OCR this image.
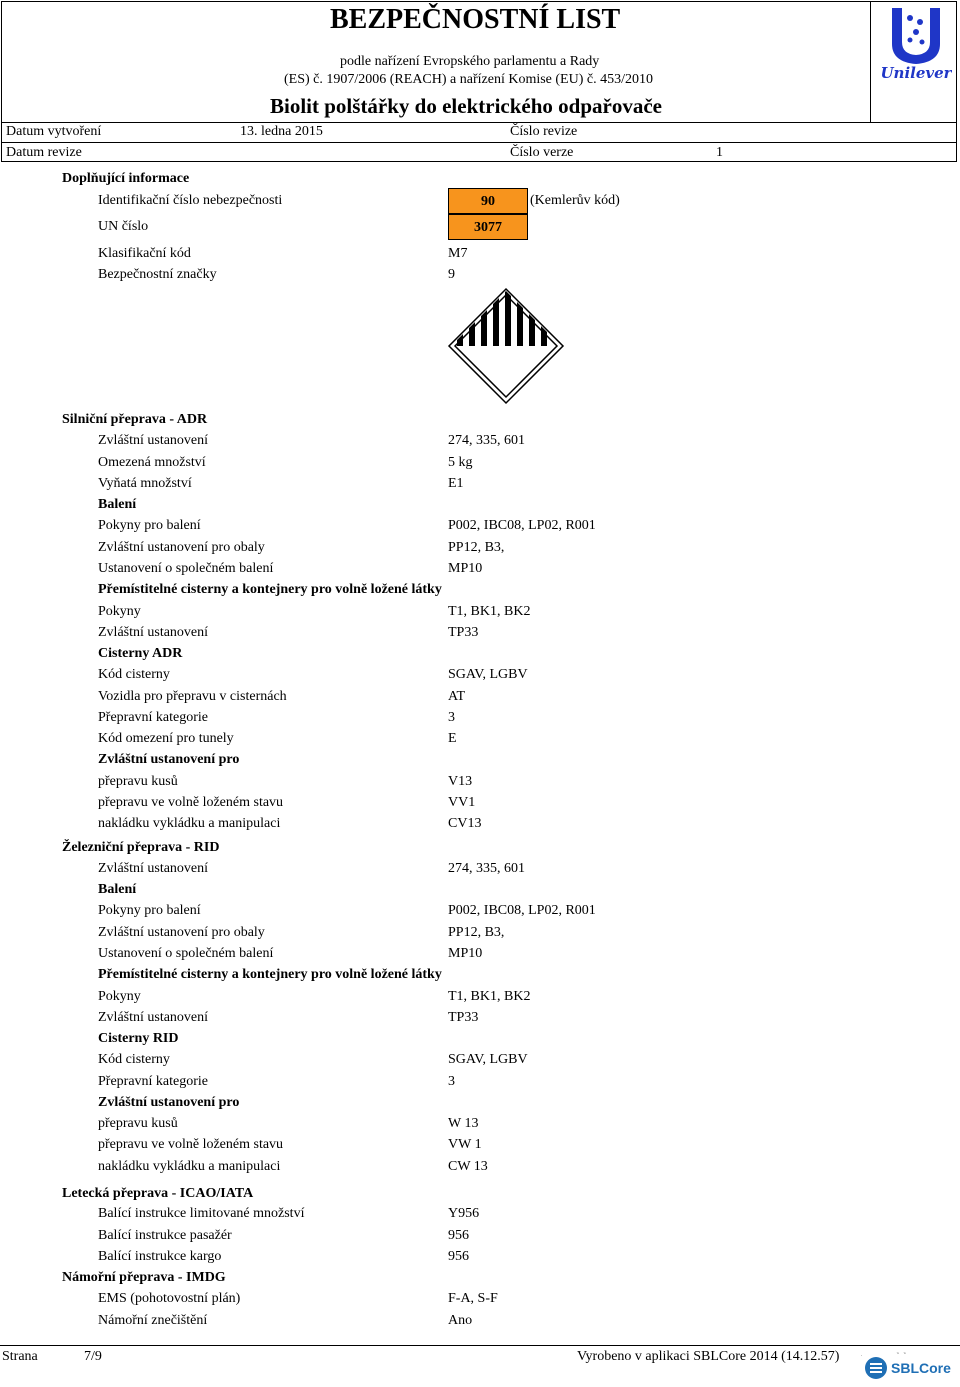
BEZPEČNOSTNÍ LIST
podle nařízení Evropského parlamentu a Rady
(ES) č. 1907/2006 (REACH) a nařízení Komise (EU) č. 453/2010
Biolit polštářky do elektrického odpařovače
Unilever
Datum vytvoření	13. ledna 2015	Číslo revize
Datum revize	Číslo verze	1
Doplňující informace
Identifikační číslo nebezpečnosti	90	(Kemlerův kód)
UN číslo	3077
Klasifikační kód	M7
Bezpečnostní značky	9
Silniční přeprava - ADR
Zvláštní ustanovení	274, 335, 601
Omezená množství	5 kg
Vyňatá množství	E1
Balení
Pokyny pro balení	P002, IBC08, LP02, R001
Zvláštní ustanovení pro obaly	PP12, B3,
Ustanovení o společném balení	MP10
Přemístitelné cisterny a kontejnery pro volně ložené látky
Pokyny	T1, BK1, BK2
Zvláštní ustanovení	TP33
Cisterny ADR
Kód cisterny	SGAV, LGBV
Vozidla pro přepravu v cisternách	AT
Přepravní kategorie	3
Kód omezení pro tunely	E
Zvláštní ustanovení pro
přepravu kusů	V13
přepravu ve volně loženém stavu	VV1
nakládku vykládku a manipulaci	CV13
Železniční přeprava - RID
Zvláštní ustanovení	274, 335, 601
Balení
Pokyny pro balení	P002, IBC08, LP02, R001
Zvláštní ustanovení pro obaly	PP12, B3,
Ustanovení o společném balení	MP10
Přemístitelné cisterny a kontejnery pro volně ložené látky
Pokyny	T1, BK1, BK2
Zvláštní ustanovení	TP33
Cisterny RID
Kód cisterny	SGAV, LGBV
Přepravní kategorie	3
Zvláštní ustanovení pro
přepravu kusů	W 13
přepravu ve volně loženém stavu	VW 1
nakládku vykládku a manipulaci	CW 13
Letecká přeprava - ICAO/IATA
Balící instrukce limitované množství	Y956
Balící instrukce pasažér	956
Balící instrukce kargo	956
Námořní přeprava - IMDG
EMS (pohotovostní plán)	F-A, S-F
Námořní znečištění	Ano
Strana	7/9	Vyrobeno v aplikaci SBLCore 2014 (14.12.57)
SBLCore
